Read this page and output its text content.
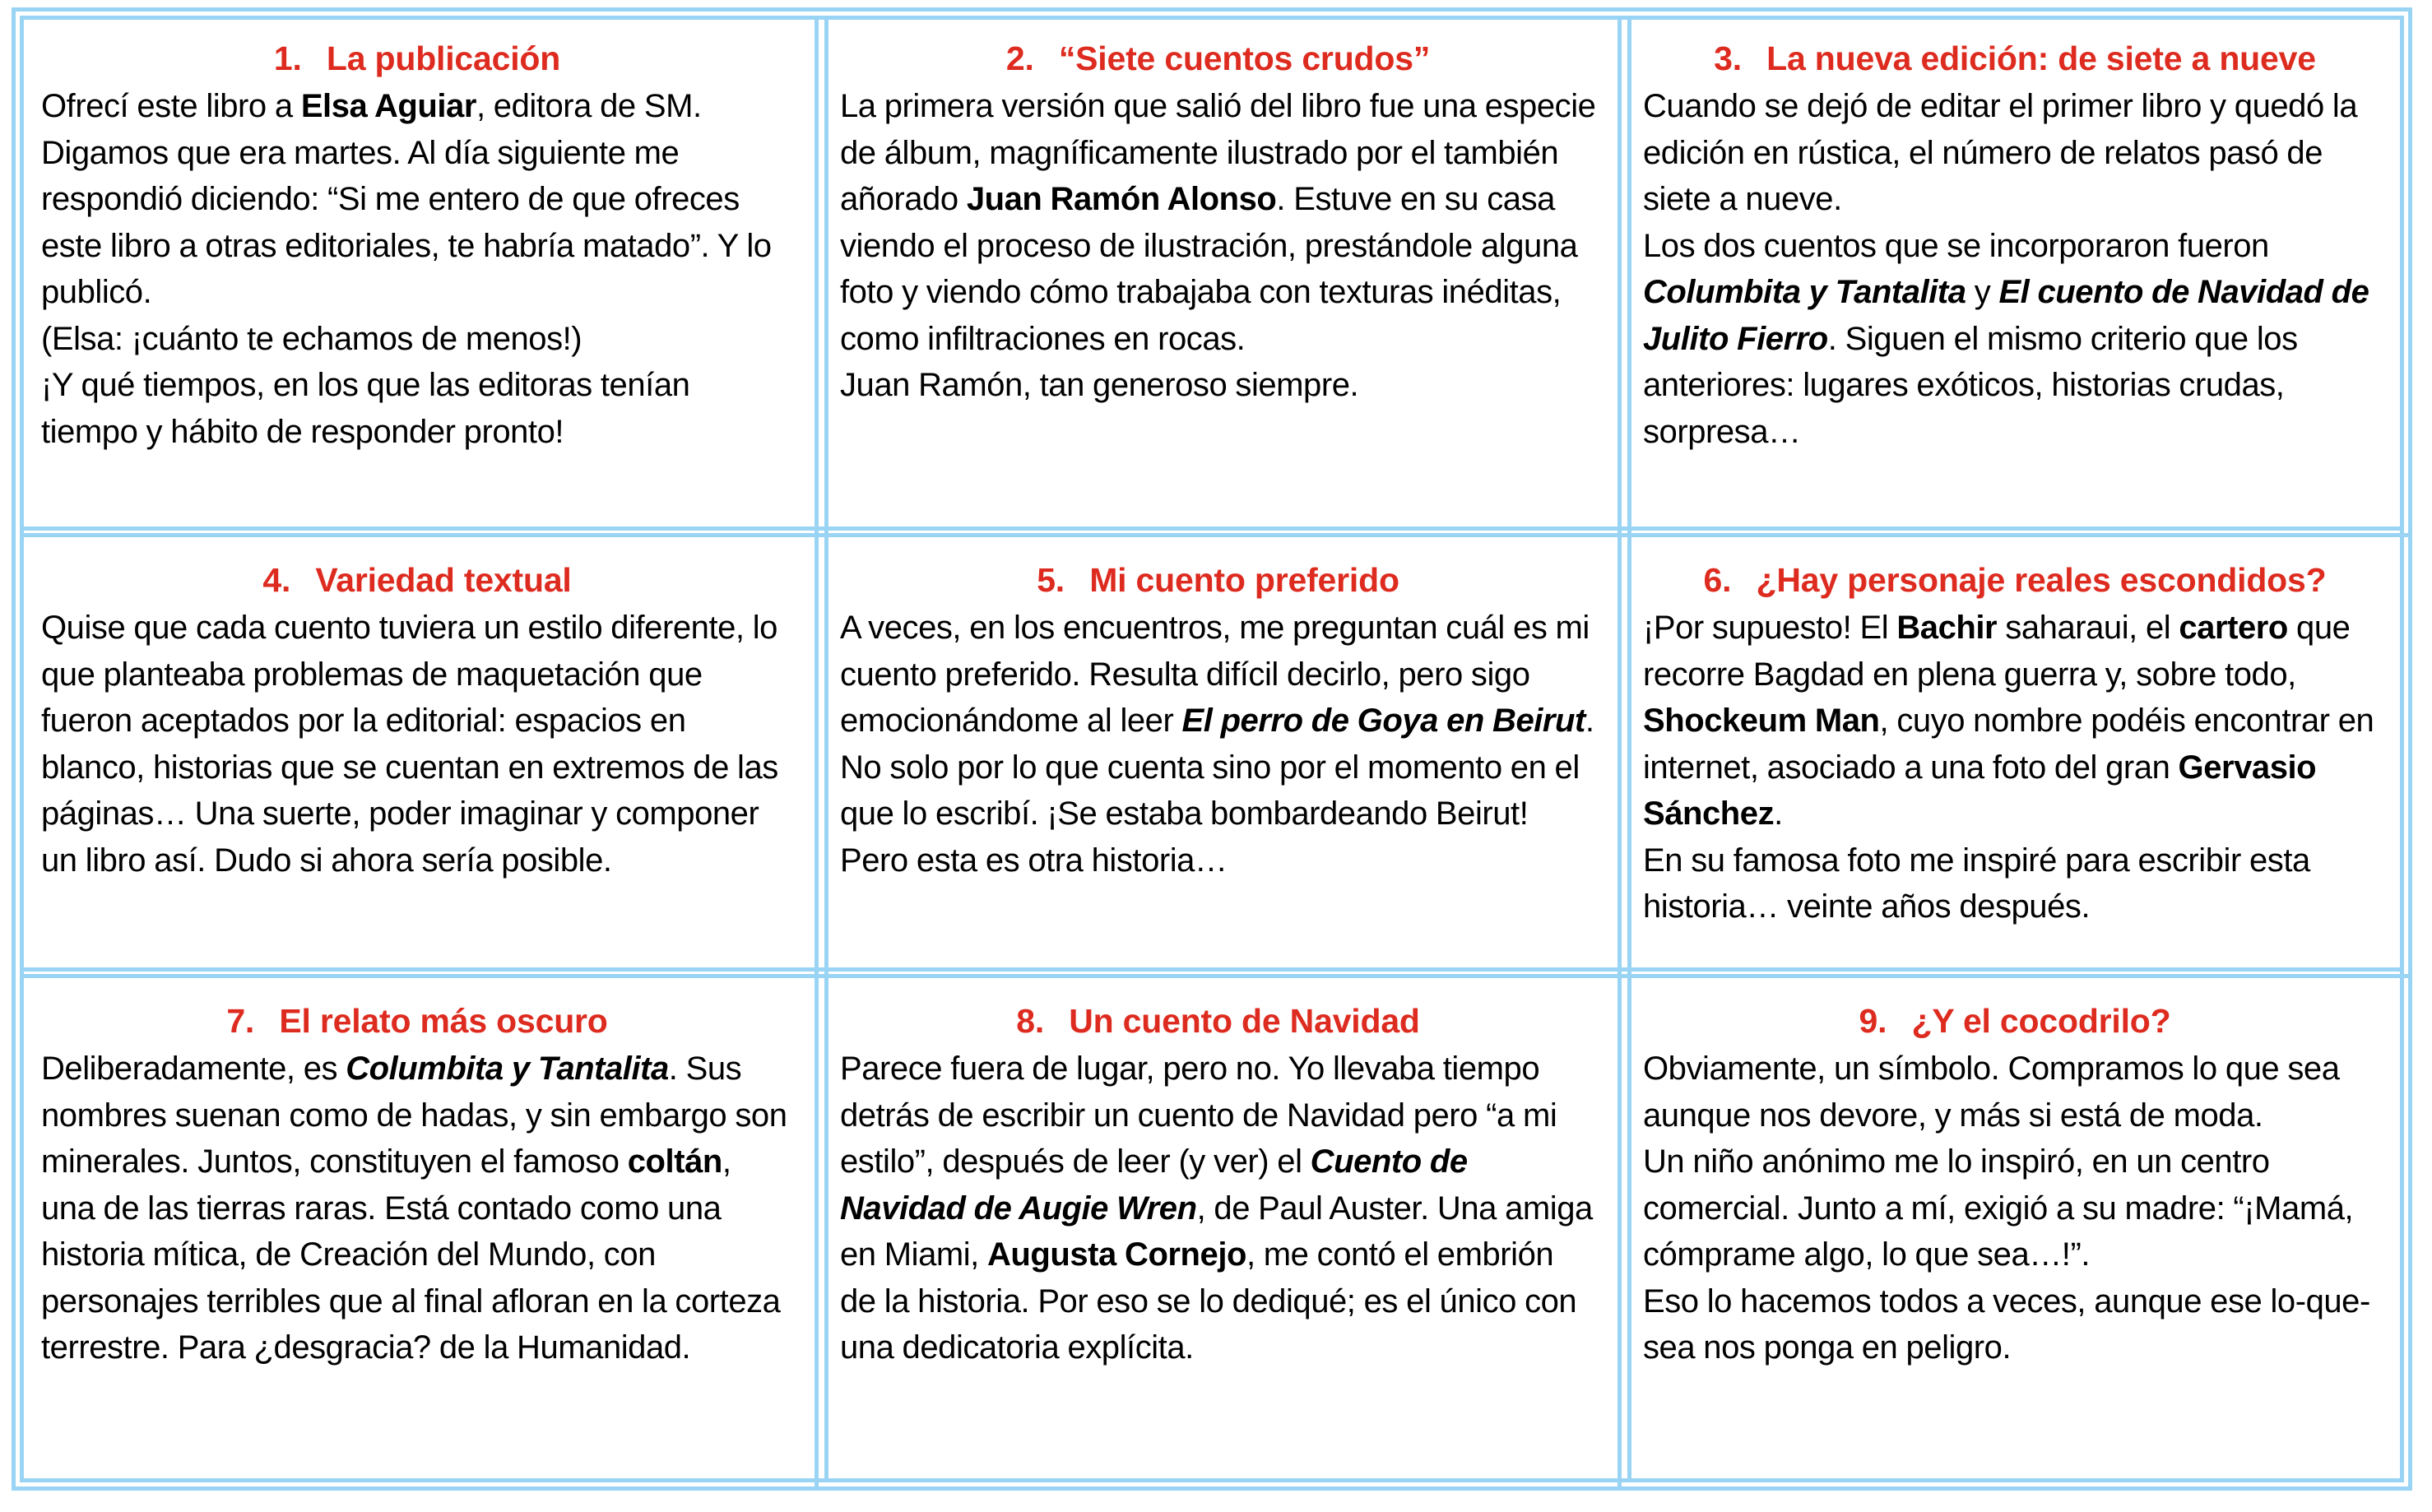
1. La publicación
Ofrecí este libro a Elsa Aguiar, editora de SM. Digamos que era martes. Al día siguiente me respondió diciendo: “Si me entero de que ofreces este libro a otras editoriales, te habría matado”. Y lo publicó.
(Elsa: ¡cuánto te echamos de menos!)
¡Y qué tiempos, en los que las editoras tenían tiempo y hábito de responder pronto!

2. “Siete cuentos crudos”
La primera versión que salió del libro fue una especie de álbum, magníficamente ilustrado por el también añorado Juan Ramón Alonso. Estuve en su casa viendo el proceso de ilustración, prestándole alguna foto y viendo cómo trabajaba con texturas inéditas, como infiltraciones en rocas.
Juan Ramón, tan generoso siempre.

3. La nueva edición: de siete a nueve
Cuando se dejó de editar el primer libro y quedó la edición en rústica, el número de relatos pasó de siete a nueve.
Los dos cuentos que se incorporaron fueron Columbita y Tantalita y El cuento de Navidad de Julito Fierro. Siguen el mismo criterio que los anteriores: lugares exóticos, historias crudas, sorpresa…

4. Variedad textual
Quise que cada cuento tuviera un estilo diferente, lo que planteaba problemas de maquetación que fueron aceptados por la editorial: espacios en blanco, historias que se cuentan en extremos de las páginas… Una suerte, poder imaginar y componer un libro así. Dudo si ahora sería posible.

5. Mi cuento preferido
A veces, en los encuentros, me preguntan cuál es mi cuento preferido. Resulta difícil decirlo, pero sigo emocionándome al leer El perro de Goya en Beirut. No solo por lo que cuenta sino por el momento en el que lo escribí. ¡Se estaba bombardeando Beirut!
Pero esta es otra historia…

6. ¿Hay personaje reales escondidos?
¡Por supuesto! El Bachir saharaui, el cartero que recorre Bagdad en plena guerra y, sobre todo, Shockeum Man, cuyo nombre podéis encontrar en internet, asociado a una foto del gran Gervasio Sánchez.
En su famosa foto me inspiré para escribir esta historia… veinte años después.

7. El relato más oscuro
Deliberadamente, es Columbita y Tantalita. Sus nombres suenan como de hadas, y sin embargo son minerales. Juntos, constituyen el famoso coltán, una de las tierras raras. Está contado como una historia mítica, de Creación del Mundo, con personajes terribles que al final afloran en la corteza terrestre. Para ¿desgracia? de la Humanidad.

8. Un cuento de Navidad
Parece fuera de lugar, pero no. Yo llevaba tiempo detrás de escribir un cuento de Navidad pero “a mi estilo”, después de leer (y ver) el Cuento de Navidad de Augie Wren, de Paul Auster. Una amiga en Miami, Augusta Cornejo, me contó el embrión de la historia. Por eso se lo dediqué; es el único con una dedicatoria explícita.

9. ¿Y el cocodrilo?
Obviamente, un símbolo. Compramos lo que sea aunque nos devore, y más si está de moda.
Un niño anónimo me lo inspiró, en un centro comercial. Junto a mí, exigió a su madre: “¡Mamá, cómprame algo, lo que sea…!”.
Eso lo hacemos todos a veces, aunque ese lo-que-sea nos ponga en peligro.
